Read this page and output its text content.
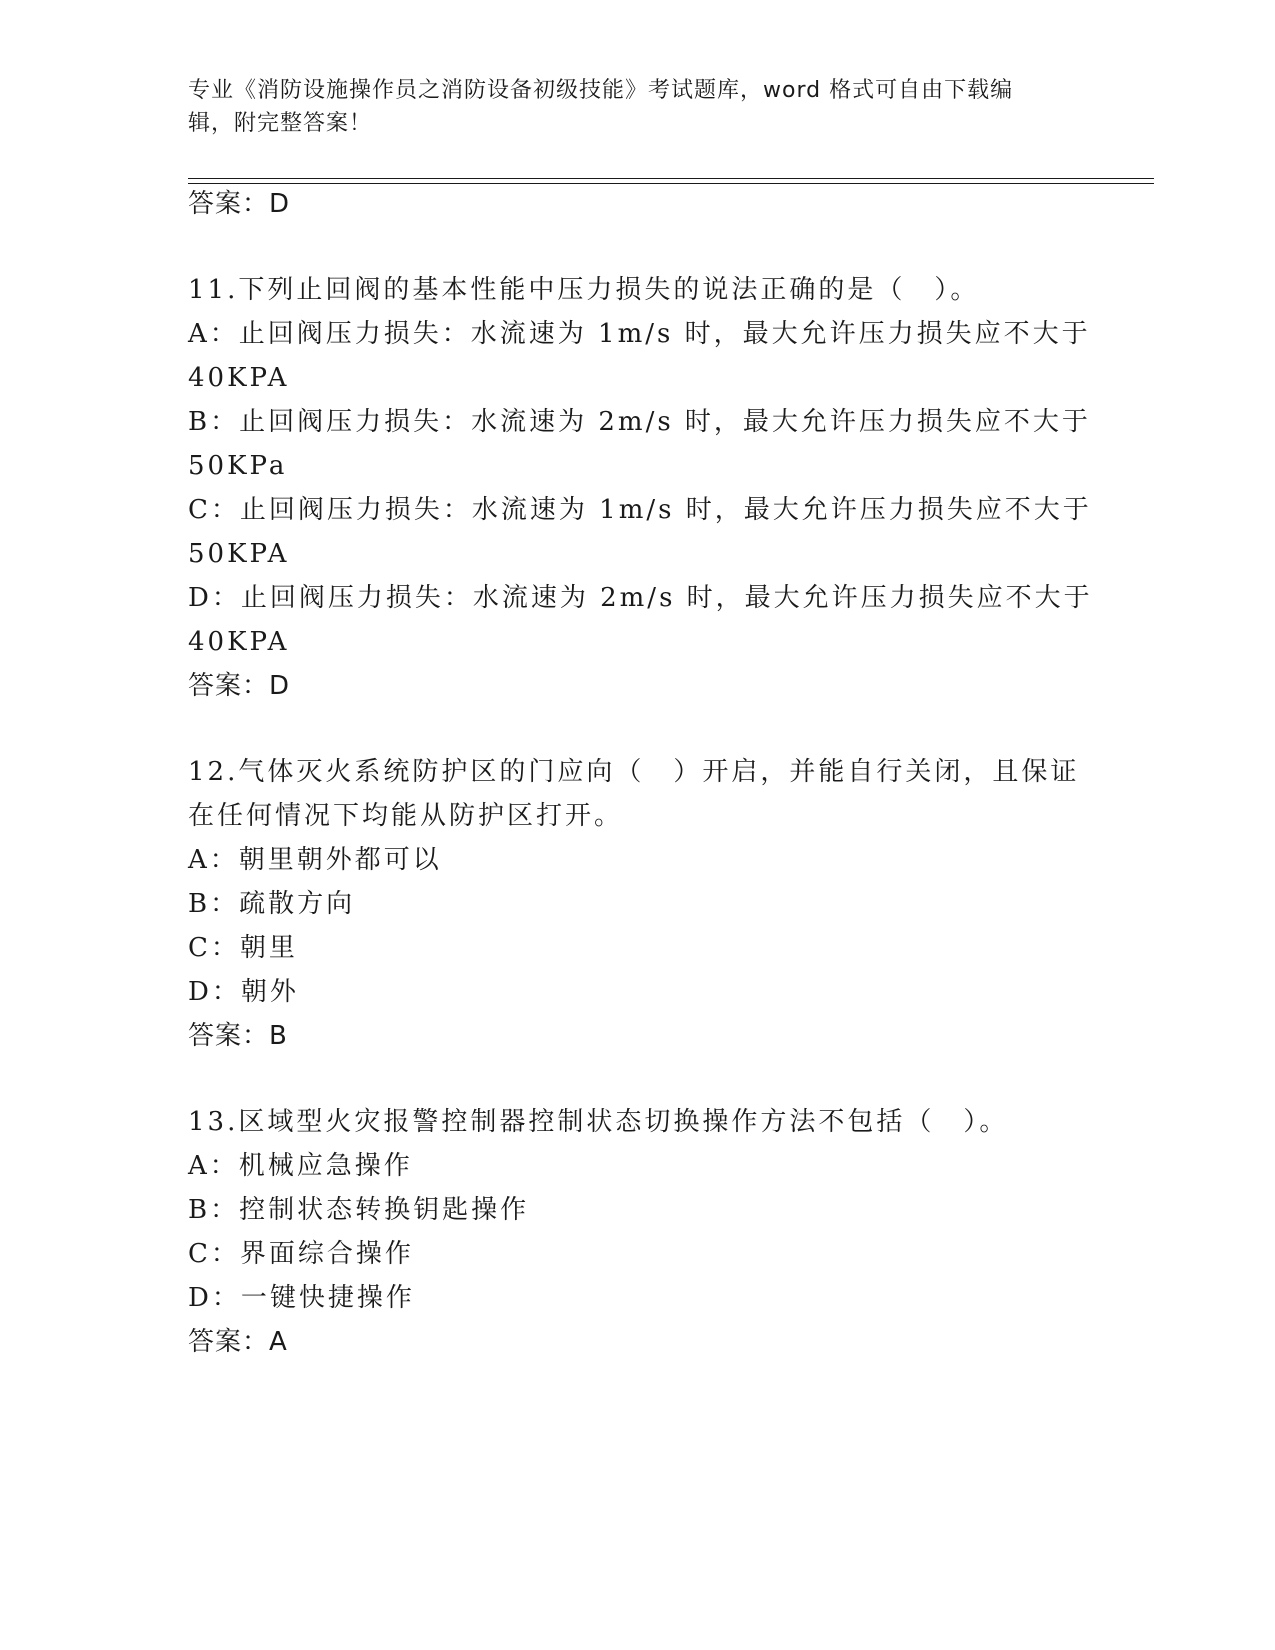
专业《消防设施操作员之消防设备初级技能》考试题库，word 格式可自由下载编
辑，附完整答案！
答案：D
11.下列止回阀的基本性能中压力损失的说法正确的是（　）。
A：止回阀压力损失：水流速为 1m/s 时，最大允许压力损失应不大于
40KPA
B：止回阀压力损失：水流速为 2m/s 时，最大允许压力损失应不大于
50KPa
C：止回阀压力损失：水流速为 1m/s 时，最大允许压力损失应不大于
50KPA
D：止回阀压力损失：水流速为 2m/s 时，最大允许压力损失应不大于
40KPA
答案：D
12.气体灭火系统防护区的门应向（　）开启，并能自行关闭，且保证
在任何情况下均能从防护区打开。
A：朝里朝外都可以
B：疏散方向
C：朝里
D：朝外
答案：B
13.区域型火灾报警控制器控制状态切换操作方法不包括（　）。
A：机械应急操作
B：控制状态转换钥匙操作
C：界面综合操作
D：一键快捷操作
答案：A
